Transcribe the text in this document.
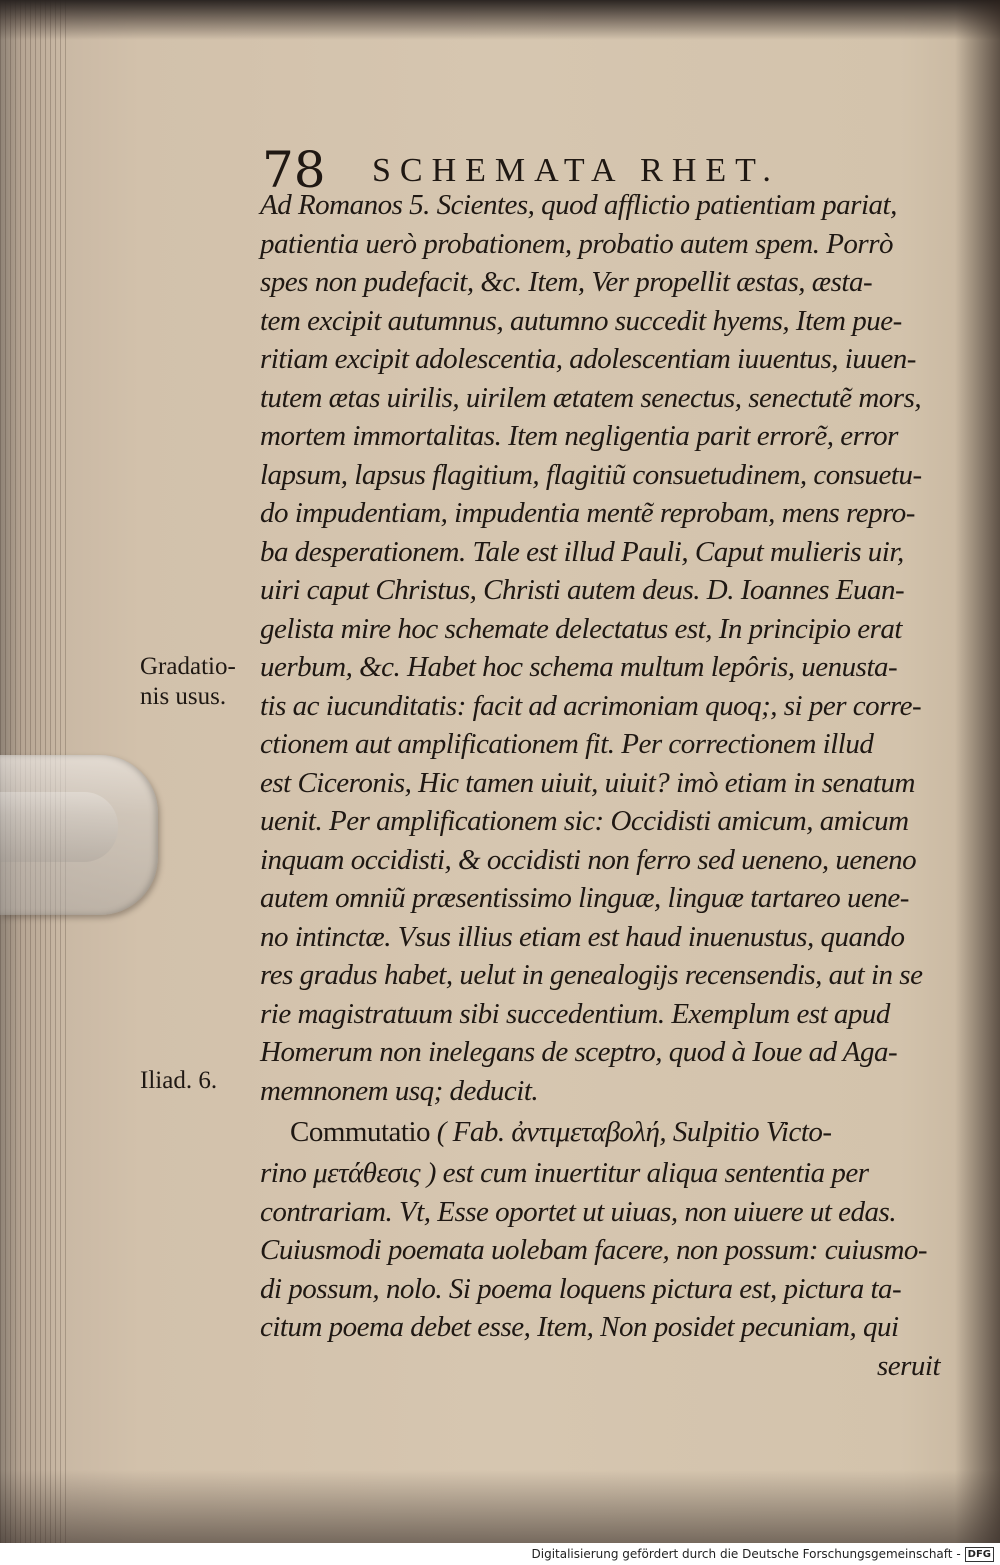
78 SCHEMATA RHET.
Ad Romanos 5. Scientes, quod afflictio patientiam pariat,
patientia uerò probationem, probatio autem spem. Porrò
spes non pudefacit, &c. Item, Ver propellit æstas, æsta-
tem excipit autumnus, autumno succedit hyems, Item pue-
ritiam excipit adolescentia, adolescentiam iuuentus, iuuen-
tutem ætas uirilis, uirilem ætatem senectus, senectutẽ mors,
mortem immortalitas. Item negligentia parit errorẽ, error
lapsum, lapsus flagitium, flagitiũ consuetudinem, consuetu-
do impudentiam, impudentia mentẽ reprobam, mens repro-
ba desperationem. Tale est illud Pauli, Caput mulieris uir,
uiri caput Christus, Christi autem deus. D. Ioannes Euan-
gelista mire hoc schemate delectatus est, In principio erat
uerbum, &c. Habet hoc schema multum lepôris, uenusta-
tis ac iucunditatis: facit ad acrimoniam quoq;, si per corre-
ctionem aut amplificationem fit. Per correctionem illud
est Ciceronis, Hic tamen uiuit, uiuit? imò etiam in senatum
uenit. Per amplificationem sic: Occidisti amicum, amicum
inquam occidisti, & occidisti non ferro sed ueneno, ueneno
autem omniũ præsentissimo linguæ, linguæ tartareo uene-
no intinctæ. Vsus illius etiam est haud inuenustus, quando
res gradus habet, uelut in genealogijs recensendis, aut in se
rie magistratuum sibi succedentium. Exemplum est apud
Homerum non inelegans de sceptro, quod à Ioue ad Aga-
memnonem usq; deducit.
Commutatio ( Fab. ἀντιμεταβολή, Sulpitio Victo-
rino μετάθεσις ) est cum inuertitur aliqua sententia per
contrariam. Vt, Esse oportet ut uiuas, non uiuere ut edas.
Cuiusmodi poemata uolebam facere, non possum: cuiusmo-
di possum, nolo. Si poema loquens pictura est, pictura ta-
citum poema debet esse, Item, Non posidet pecuniam, qui
seruit
Gradatio-
nis usus.
Iliad. 6.
Digitalisierung gefördert durch die Deutsche Forschungsgemeinschaft - DFG
